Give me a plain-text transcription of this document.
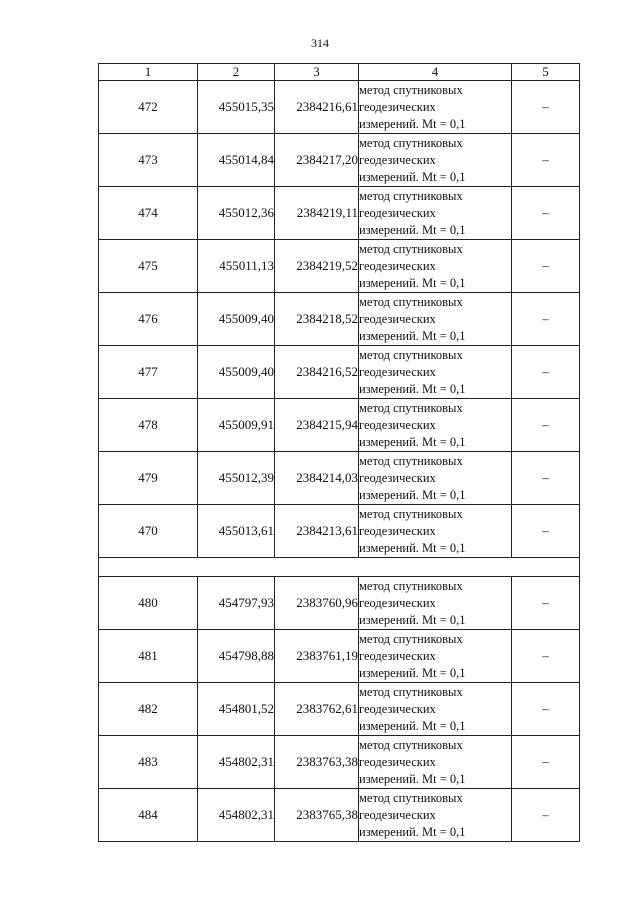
314
1	2	3	4	5
472	455015,35	2384216,61	метод спутниковых
геодезических
измерений. Mt = 0,1	–
473	455014,84	2384217,20	метод спутниковых
геодезических
измерений. Mt = 0,1	–
474	455012,36	2384219,11	метод спутниковых
геодезических
измерений. Mt = 0,1	–
475	455011,13	2384219,52	метод спутниковых
геодезических
измерений. Mt = 0,1	–
476	455009,40	2384218,52	метод спутниковых
геодезических
измерений. Mt = 0,1	–
477	455009,40	2384216,52	метод спутниковых
геодезических
измерений. Mt = 0,1	–
478	455009,91	2384215,94	метод спутниковых
геодезических
измерений. Mt = 0,1	–
479	455012,39	2384214,03	метод спутниковых
геодезических
измерений. Mt = 0,1	–
470	455013,61	2384213,61	метод спутниковых
геодезических
измерений. Mt = 0,1	–

480	454797,93	2383760,96	метод спутниковых
геодезических
измерений. Mt = 0,1	–
481	454798,88	2383761,19	метод спутниковых
геодезических
измерений. Mt = 0,1	–
482	454801,52	2383762,61	метод спутниковых
геодезических
измерений. Mt = 0,1	–
483	454802,31	2383763,38	метод спутниковых
геодезических
измерений. Mt = 0,1	–
484	454802,31	2383765,38	метод спутниковых
геодезических
измерений. Mt = 0,1	–
